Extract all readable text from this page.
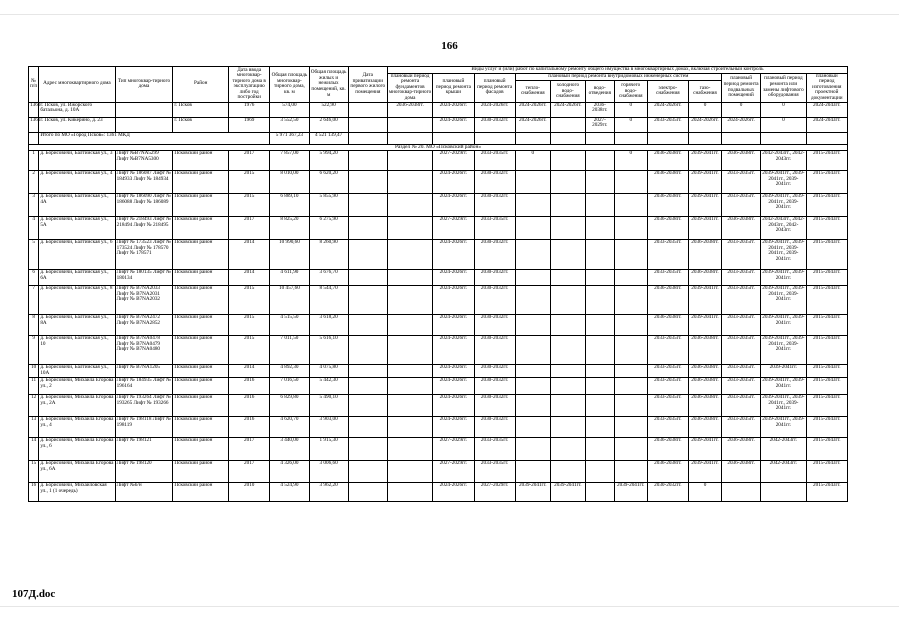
166
№ п/п	Адрес многоквартирного дома	Тип многоквар-тирного дома	Район	Дата ввода многоквар-тирного дома в эксплуатацию либо год постройки	Общая площадь многоквар-тирного дома, кв. м	Общая площадь жилых и нежилых помещений, кв. м	Дата приватизации первого жилого помещения	Виды услуг и (или) работ по капитальному ремонту общего имущества в многоквартирных домах, включая строительный контроль											
								плановый период ремонта фундаментов многоквар-тирного дома	плановый период ремонта крыши	плановый период ремонта фасадов	плановый период ремонта внутридомовых инженерных систем						плановый период ремонта подвальных помещений	плановый период ремонта или замены лифтового оборудования	плановый период изготовления проектной документации
											тепло-снабжения	холодного водо-снабжения	водо-отведения	горячего водо-снабжения	электро-снабжения	газо-снабжения			
1360	г. Псков, ул. Ижорского батальона, д. 10А		г. Псков	1976	574,00	522,90		2036-2038гг.	2024-2026гг.	2024-2026гг.	2024-2026гг.	2024-2026гг.	2036-2038гг.	0	2024-2026гг.	0	0	0	2024-2043гг.
1361	г. Псков, ул. Кикерино, д. 23		г. Псков	1969	3 552,50	2 646,00			2024-2026гг.	2030-2032гг.	2024-2026гг.		2027-2029гг.	0	2033-2035гг.	2024-2026гг.	2024-2026гг.	0	2024-2043гг.
	Итого по МО «Город Псков»: 1361 МКД				5 971 367,23	4 521 139,47													
Раздел № 20. МО «Псковский район»																			
1	д. Борисовичи, Балтийская ул., 3	Лифт №B7NA5299 Лифт №B7NA5300	Псковский район	2017	7 857,00	5 994,20			2027-2029гг.	2033-2035гг.	0			0	2036-2038гг.	2039-2041гг.	2036-2038гг.	2042-2043гг., 2042-2043гг.	2015-2043гг.
2	д. Борисовичи, Балтийская ул., 4	Лифт № 186087 Лифт № 184933 Лифт № 184934	Псковский район	2015	8 010,00	6 620,20			2024-2026гг.	2030-2032гг.					2036-2038гг.	2039-2041гг.	2033-2035гг.	2039-2041гг., 2039-2041гг., 2039-2041гг.	2015-2043гг.
3	д. Борисовичи, Балтийская ул., 4А	Лифт № 186090 Лифт № 186088 Лифт № 186089	Псковский район	2015	6 889,10	5 855,90			2024-2026гг.	2030-2032гг.					2036-2038гг.	2039-2041гг.	2033-2035гг.	2039-2041гг., 2039-2041гг., 2039-2041гг.	2015-2043гг.
4	д. Борисовичи, Балтийская ул., 5А	Лифт № 218493 Лифт № 218494 Лифт № 218495	Псковский район	2017	8 825,20	6 275,90			2027-2029гг.	2033-2035гг.					2036-2038гг.	2039-2041гг.	2036-2038гг.	2042-2043гг., 2042-2043гг., 2042-2043гг.	2015-2043гг.
5	д. Борисовичи, Балтийская ул., 6	Лифт № 173523 Лифт № 173524 Лифт № 178570 Лифт № 178571	Псковский район	2014	10 990,60	8 260,90			2024-2026гг.	2030-2032гг.					2033-2035гг.	2036-2038гг.	2033-2035гг.	2039-2041гг., 2039-2041гг., 2039-2041гг., 2039-2041гг.	2015-2043гг.
6	д. Борисовичи, Балтийская ул., 6А	Лифт № 180135 Лифт № 180134	Псковский район	2014	4 611,90	3 676,70			2024-2026гг.	2030-2032гг.					2033-2035гг.	2036-2038гг.	2033-2035гг.	2039-2041гг., 2039-2041гг.	2015-2043гг.
7	д. Борисовичи, Балтийская ул., 8	Лифт № B7NA2033 Лифт № B7NA2031 Лифт № B7NA2032	Псковский район	2015	10 457,60	8 544,70			2024-2026гг.	2030-2032гг.					2036-2038гг.	2039-2041гг.	2033-2035гг.	2039-2041гг., 2039-2041гг., 2039-2041гг.	2015-2043гг.
8	д. Борисовичи, Балтийская ул., 8А	Лифт № B7NA2472 Лифт № B7NA2852	Псковский район	2015	4 515,50	3 618,20			2024-2026гг.	2030-2032гг.					2036-2038гг.	2039-2041гг.	2033-2035гг.	2039-2041гг., 2039-2041гг.	2015-2043гг.
9	д. Борисовичи, Балтийская ул., 10	Лифт № B7NA0478 Лифт № B7NA0479 Лифт № B7NA0480	Псковский район	2015	7 011,50	5 616,10			2024-2026гг.	2030-2032гг.					2033-2035гг.	2036-2038гг.	2033-2035гг.	2039-2041гг., 2039-2041гг., 2039-2041гг.	2015-2043гг.
10	д. Борисовичи, Балтийская ул., 10А	Лифт № B7NA1205	Псковский район	2014	4 892,30	4 075,80			2024-2026гг.	2030-2032гг.					2033-2035гг.	2036-2038гг.	2033-2035гг.	2039-2041гг.	2015-2043гг.
11	д. Борисовичи, Михаила Егорова ул., 2	Лифт № 184935 Лифт № 196164	Псковский район	2016	7 016,50	5 442,30			2024-2026гг.	2030-2032гг.					2033-2035гг.	2036-2038гг.	2033-2035гг.	2039-2041гг., 2039-2041гг.	2015-2043гг.
12	д. Борисовичи, Михаила Егорова ул., 2А	Лифт № 193264 Лифт № 193265 Лифт № 193266	Псковский район	2016	6 829,80	5 490,10			2024-2026гг.	2030-2032гг.					2033-2035гг.	2036-2038гг.	2033-2035гг.	2039-2041гг., 2039-2041гг., 2039-2041гг.	2015-2043гг.
13	д. Борисовичи, Михаила Егорова ул., 4	Лифт № 198118 Лифт № 198119	Псковский район	2016	4 620,70	3 903,00			2024-2026гг.	2030-2032гг.					2033-2035гг.	2036-2038гг.	2033-2035гг.	2039-2041гг., 2039-2041гг.	2015-2043гг.
14	д. Борисовичи, Михаила Егорова ул., 6	Лифт № 198121	Псковский район	2017	3 440,00	1 915,30			2027-2029гг.	2033-2035гг.					2036-2038гг.	2039-2041гг.	2036-2038гг.	2042-2043гг.	2015-2043гг.
15	д. Борисовичи, Михаила Егорова ул., 6А	Лифт № 198120	Псковский район	2017	4 326,00	3 006,60			2027-2029гг.	2033-2035гг.					2036-2038гг.	2039-2041гг.	2036-2038гг.	2042-2043гг.	2015-2043гг.
16	д. Борисовичи, Михайловская ул., 1 (1 очередь)	Лифт №б/н	Псковский район	2010	4 524,90	3 962,20			2024-2026гг.	2027-2029гг.	2039-2041гг.	2039-2041гг.		2039-2041гг.	2030-2032гг.	0			2015-2043гг.
107Д.doc
